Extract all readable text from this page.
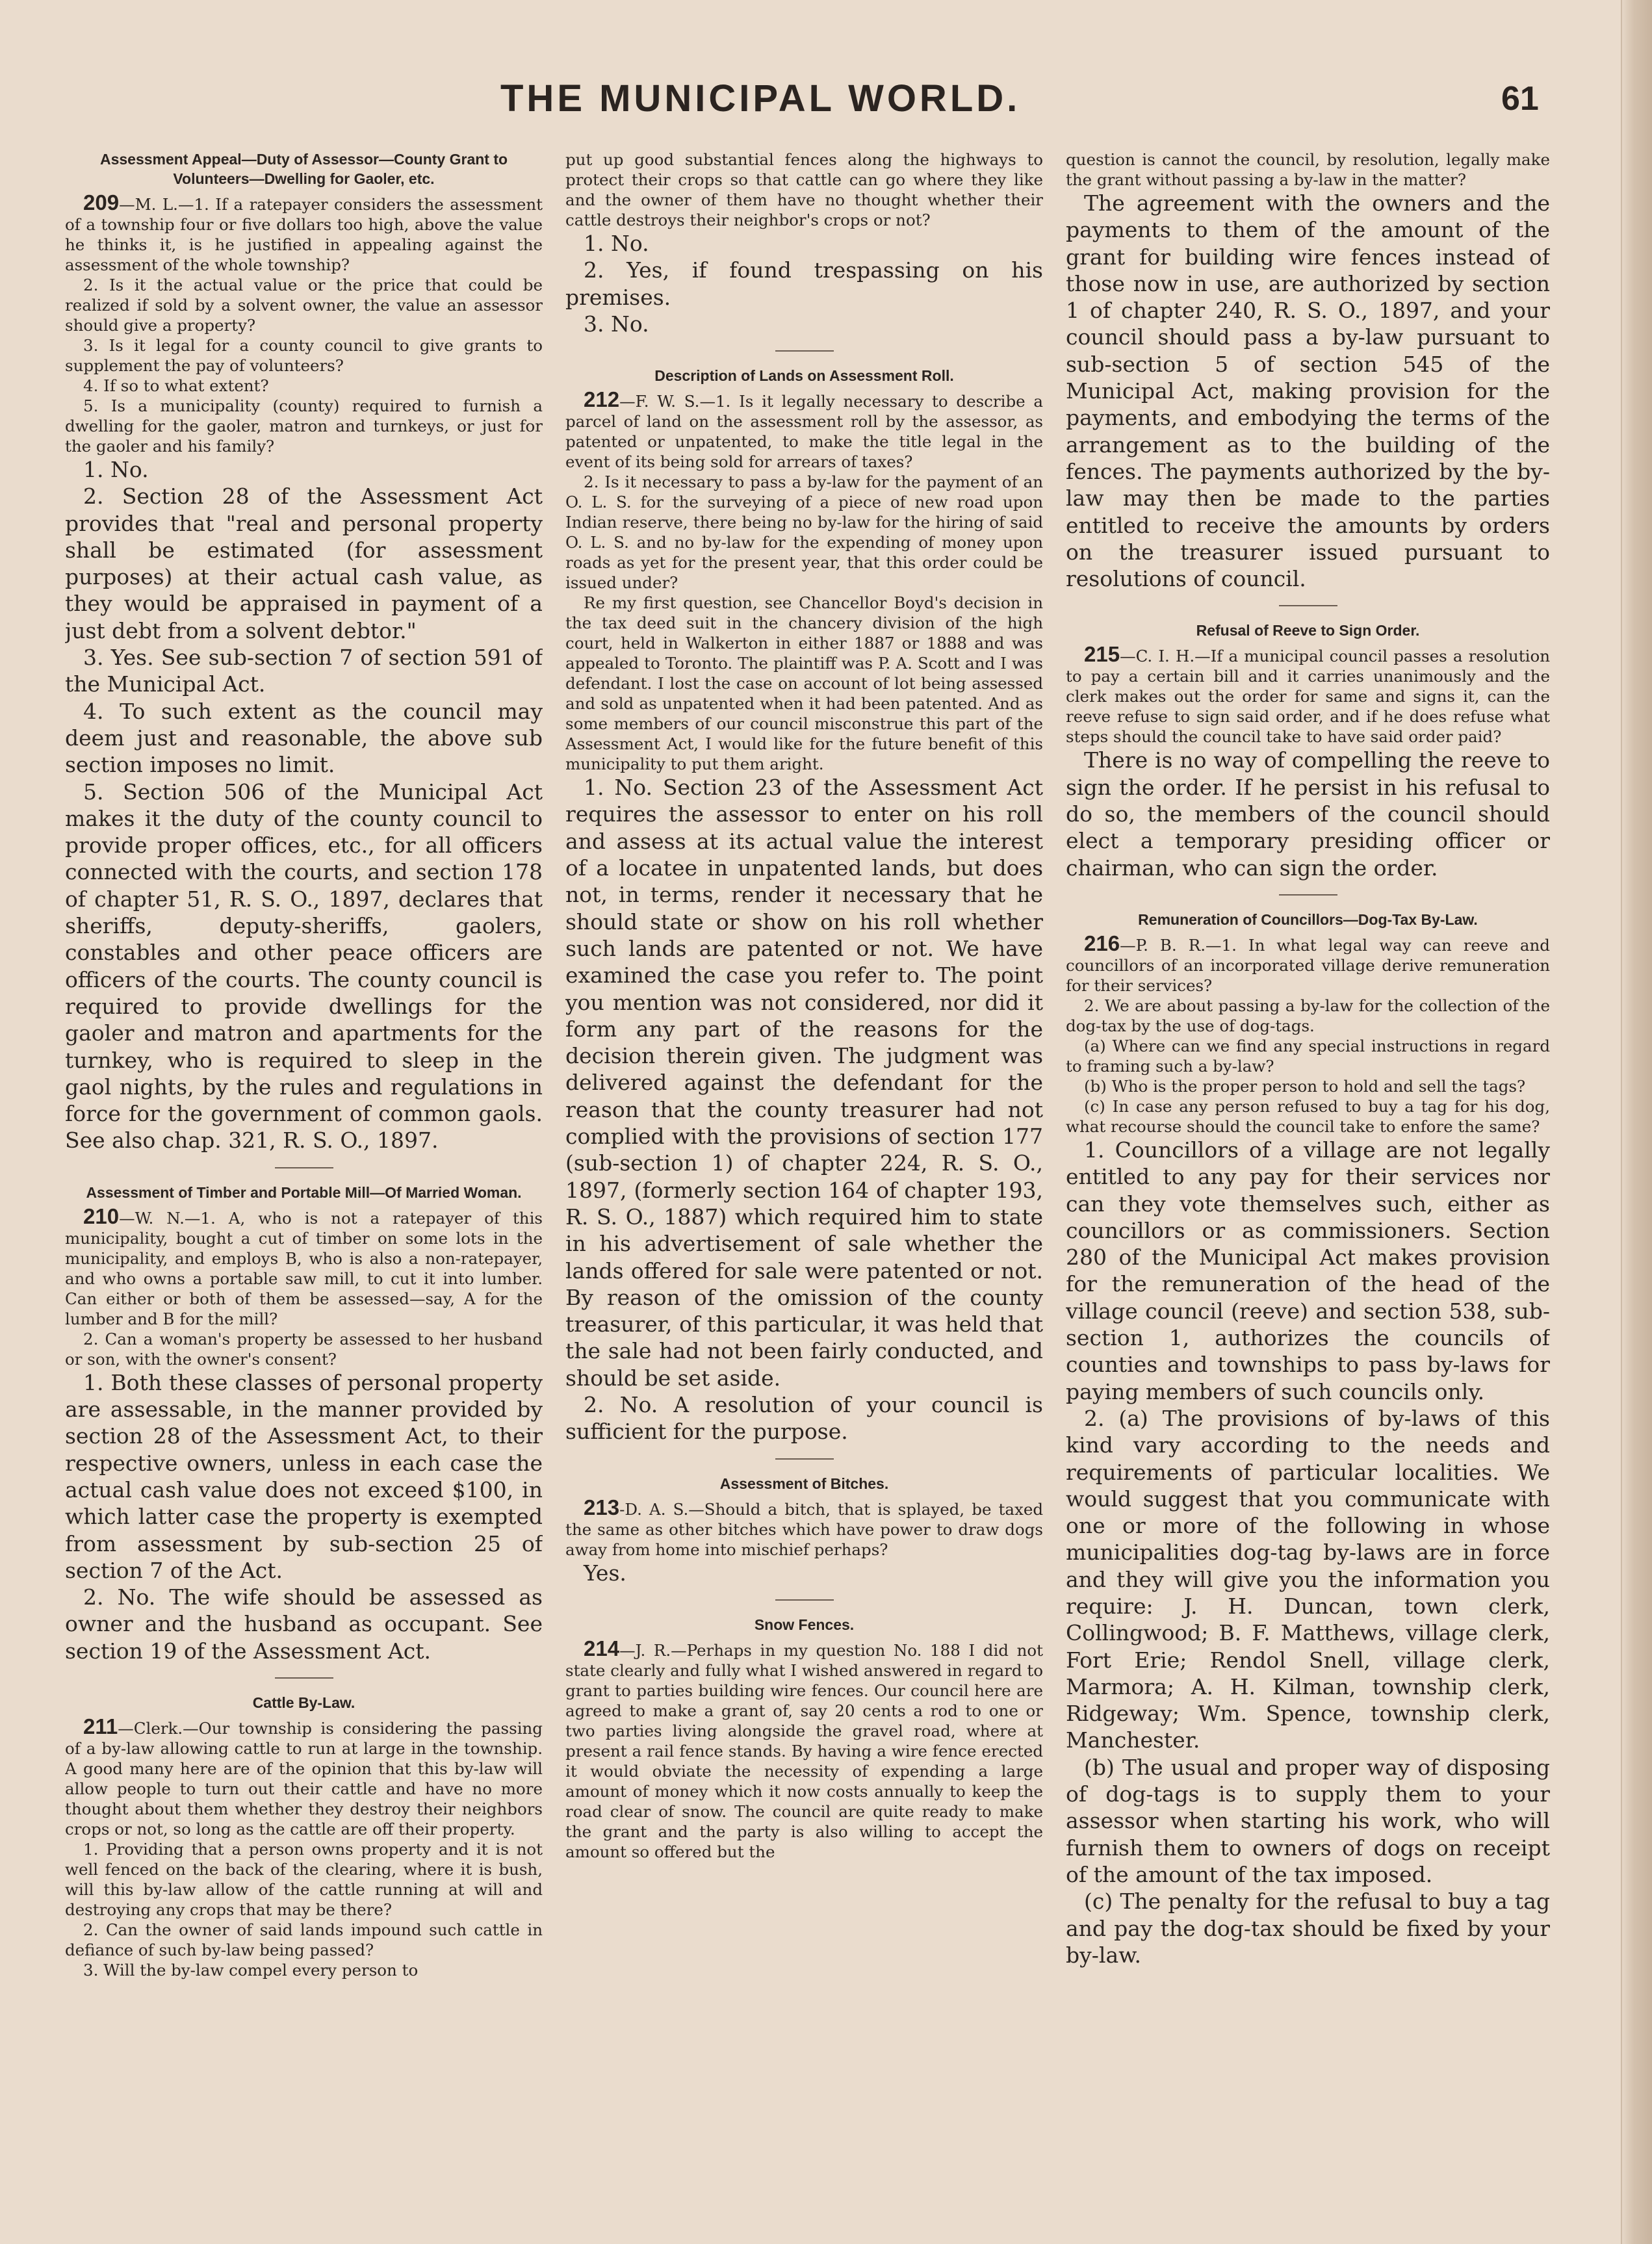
THE MUNICIPAL WORLD.	61
Assessment Appeal—Duty of Assessor—County Grant to Volunteers—Dwelling for Gaoler, etc.

209—M. L.—1. If a ratepayer considers the assessment of a township four or five dollars too high, above the value he thinks it, is he justified in appealing against the assessment of the whole township?

2. Is it the actual value or the price that could be realized if sold by a solvent owner, the value an assessor should give a property?

3. Is it legal for a county council to give grants to supplement the pay of volunteers?

4. If so to what extent?

5. Is a municipality (county) required to furnish a dwelling for the gaoler, matron and turnkeys, or just for the gaoler and his family?

1. No.

2. Section 28 of the Assessment Act provides that "real and personal property shall be estimated (for assessment purposes) at their actual cash value, as they would be appraised in payment of a just debt from a solvent debtor."

3. Yes. See sub-section 7 of section 591 of the Municipal Act.

4. To such extent as the council may deem just and reasonable, the above sub section imposes no limit.

5. Section 506 of the Municipal Act makes it the duty of the county council to provide proper offices, etc., for all officers connected with the courts, and section 178 of chapter 51, R. S. O., 1897, declares that sheriffs, deputy-sheriffs, gaolers, constables and other peace officers are officers of the courts. The county council is required to provide dwellings for the gaoler and matron and apartments for the turnkey, who is required to sleep in the gaol nights, by the rules and regulations in force for the government of common gaols. See also chap. 321, R. S. O., 1897.

Assessment of Timber and Portable Mill—Of Married Woman.

210—W. N.—1. A, who is not a ratepayer of this municipality, bought a cut of timber on some lots in the municipality, and employs B, who is also a non-ratepayer, and who owns a portable saw mill, to cut it into lumber. Can either or both of them be assessed—say, A for the lumber and B for the mill?

2. Can a woman's property be assessed to her husband or son, with the owner's consent?

1. Both these classes of personal property are assessable, in the manner provided by section 28 of the Assessment Act, to their respective owners, unless in each case the actual cash value does not exceed $100, in which latter case the property is exempted from assessment by sub-section 25 of section 7 of the Act.

2. No. The wife should be assessed as owner and the husband as occupant. See section 19 of the Assessment Act.

Cattle By-Law.

211—Clerk.—Our township is considering the passing of a by-law allowing cattle to run at large in the township. A good many here are of the opinion that this by-law will allow people to turn out their cattle and have no more thought about them whether they destroy their neighbors crops or not, so long as the cattle are off their property.

1. Providing that a person owns property and it is not well fenced on the back of the clearing, where it is bush, will this by-law allow of the cattle running at will and destroying any crops that may be there?

2. Can the owner of said lands impound such cattle in defiance of such by-law being passed?

3. Will the by-law compel every person to

put up good substantial fences along the highways to protect their crops so that cattle can go where they like and the owner of them have no thought whether their cattle destroys their neighbor's crops or not?

1. No.

2. Yes, if found trespassing on his premises.

3. No.

Description of Lands on Assessment Roll.

212—F. W. S.—1. Is it legally necessary to describe a parcel of land on the assessment roll by the assessor, as patented or unpatented, to make the title legal in the event of its being sold for arrears of taxes?

2. Is it necessary to pass a by-law for the payment of an O. L. S. for the surveying of a piece of new road upon Indian reserve, there being no by-law for the hiring of said O. L. S. and no by-law for the expending of money upon roads as yet for the present year, that this order could be issued under?

Re my first question, see Chancellor Boyd's decision in the tax deed suit in the chancery division of the high court, held in Walkerton in either 1887 or 1888 and was appealed to Toronto. The plaintiff was P. A. Scott and I was defendant. I lost the case on account of lot being assessed and sold as unpatented when it had been patented. And as some members of our council misconstrue this part of the Assessment Act, I would like for the future benefit of this municipality to put them aright.

1. No. Section 23 of the Assessment Act requires the assessor to enter on his roll and assess at its actual value the interest of a locatee in unpatented lands, but does not, in terms, render it necessary that he should state or show on his roll whether such lands are patented or not. We have examined the case you refer to. The point you mention was not considered, nor did it form any part of the reasons for the decision therein given. The judgment was delivered against the defendant for the reason that the county treasurer had not complied with the provisions of section 177 (sub-section 1) of chapter 224, R. S. O., 1897, (formerly section 164 of chapter 193, R. S. O., 1887) which required him to state in his advertisement of sale whether the lands offered for sale were patented or not. By reason of the omission of the county treasurer, of this particular, it was held that the sale had not been fairly conducted, and should be set aside.

2. No. A resolution of your council is sufficient for the purpose.

Assessment of Bitches.

213-D. A. S.—Should a bitch, that is splayed, be taxed the same as other bitches which have power to draw dogs away from home into mischief perhaps?

Yes.

Snow Fences.

214—J. R.—Perhaps in my question No. 188 I did not state clearly and fully what I wished answered in regard to grant to parties building wire fences. Our council here are agreed to make a grant of, say 20 cents a rod to one or two parties living alongside the gravel road, where at present a rail fence stands. By having a wire fence erected it would obviate the necessity of expending a large amount of money which it now costs annually to keep the road clear of snow. The council are quite ready to make the grant and the party is also willing to accept the amount so offered but the

question is cannot the council, by resolution, legally make the grant without passing a by-law in the matter?

The agreement with the owners and the payments to them of the amount of the grant for building wire fences instead of those now in use, are authorized by section 1 of chapter 240, R. S. O., 1897, and your council should pass a by-law pursuant to sub-section 5 of section 545 of the Municipal Act, making provision for the payments, and embodying the terms of the arrangement as to the building of the fences. The payments authorized by the by-law may then be made to the parties entitled to receive the amounts by orders on the treasurer issued pursuant to resolutions of council.

Refusal of Reeve to Sign Order.

215—C. I. H.—If a municipal council passes a resolution to pay a certain bill and it carries unanimously and the clerk makes out the order for same and signs it, can the reeve refuse to sign said order, and if he does refuse what steps should the council take to have said order paid?

There is no way of compelling the reeve to sign the order. If he persist in his refusal to do so, the members of the council should elect a temporary presiding officer or chairman, who can sign the order.

Remuneration of Councillors—Dog-Tax By-Law.

216—P. B. R.—1. In what legal way can reeve and councillors of an incorporated village derive remuneration for their services?

2. We are about passing a by-law for the collection of the dog-tax by the use of dog-tags.

(a) Where can we find any special instructions in regard to framing such a by-law?

(b) Who is the proper person to hold and sell the tags?

(c) In case any person refused to buy a tag for his dog, what recourse should the council take to enfore the same?

1. Councillors of a village are not legally entitled to any pay for their services nor can they vote themselves such, either as councillors or as commissioners. Section 280 of the Municipal Act makes provision for the remuneration of the head of the village council (reeve) and section 538, sub-section 1, authorizes the councils of counties and townships to pass by-laws for paying members of such councils only.

2. (a) The provisions of by-laws of this kind vary according to the needs and requirements of particular localities. We would suggest that you communicate with one or more of the following in whose municipalities dog-tag by-laws are in force and they will give you the information you require: J. H. Duncan, town clerk, Collingwood; B. F. Matthews, village clerk, Fort Erie; Rendol Snell, village clerk, Marmora; A. H. Kilman, township clerk, Ridgeway; Wm. Spence, township clerk, Manchester.

(b) The usual and proper way of disposing of dog-tags is to supply them to your assessor when starting his work, who will furnish them to owners of dogs on receipt of the amount of the tax imposed.

(c) The penalty for the refusal to buy a tag and pay the dog-tax should be fixed by your by-law.
